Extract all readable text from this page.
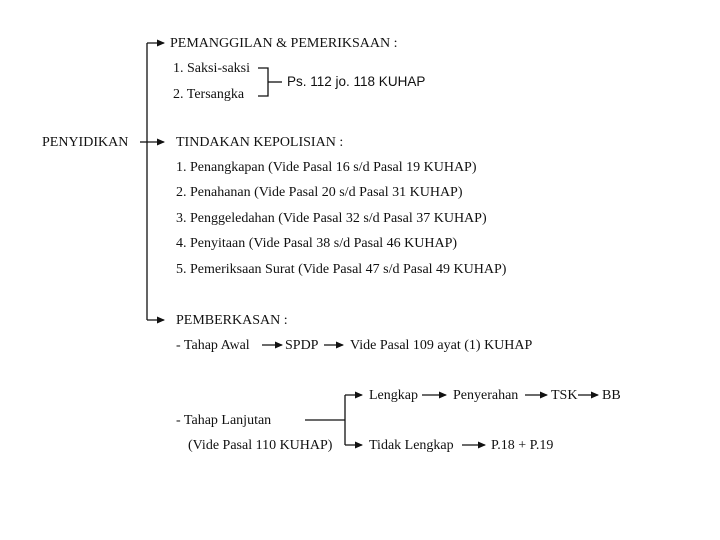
PENYIDIKAN
PEMANGGILAN & PEMERIKSAAN :
1. Saksi-saksi
2. Tersangka
Ps. 112 jo. 118 KUHAP
TINDAKAN KEPOLISIAN :
1. Penangkapan (Vide Pasal 16 s/d Pasal 19 KUHAP)
2. Penahanan (Vide Pasal 20 s/d Pasal 31 KUHAP)
3. Penggeledahan (Vide Pasal 32 s/d Pasal 37 KUHAP)
4. Penyitaan (Vide Pasal 38 s/d Pasal 46 KUHAP)
5. Pemeriksaan Surat (Vide Pasal 47 s/d Pasal 49 KUHAP)
PEMBERKASAN :
- Tahap Awal	SPDP Vide Pasal 109 ayat (1) KUHAP
Lengkap	Penyerahan TSK BB
- Tahap Lanjutan
(Vide Pasal 110 KUHAP)	Tidak Lengkap	P.18 + P.19
